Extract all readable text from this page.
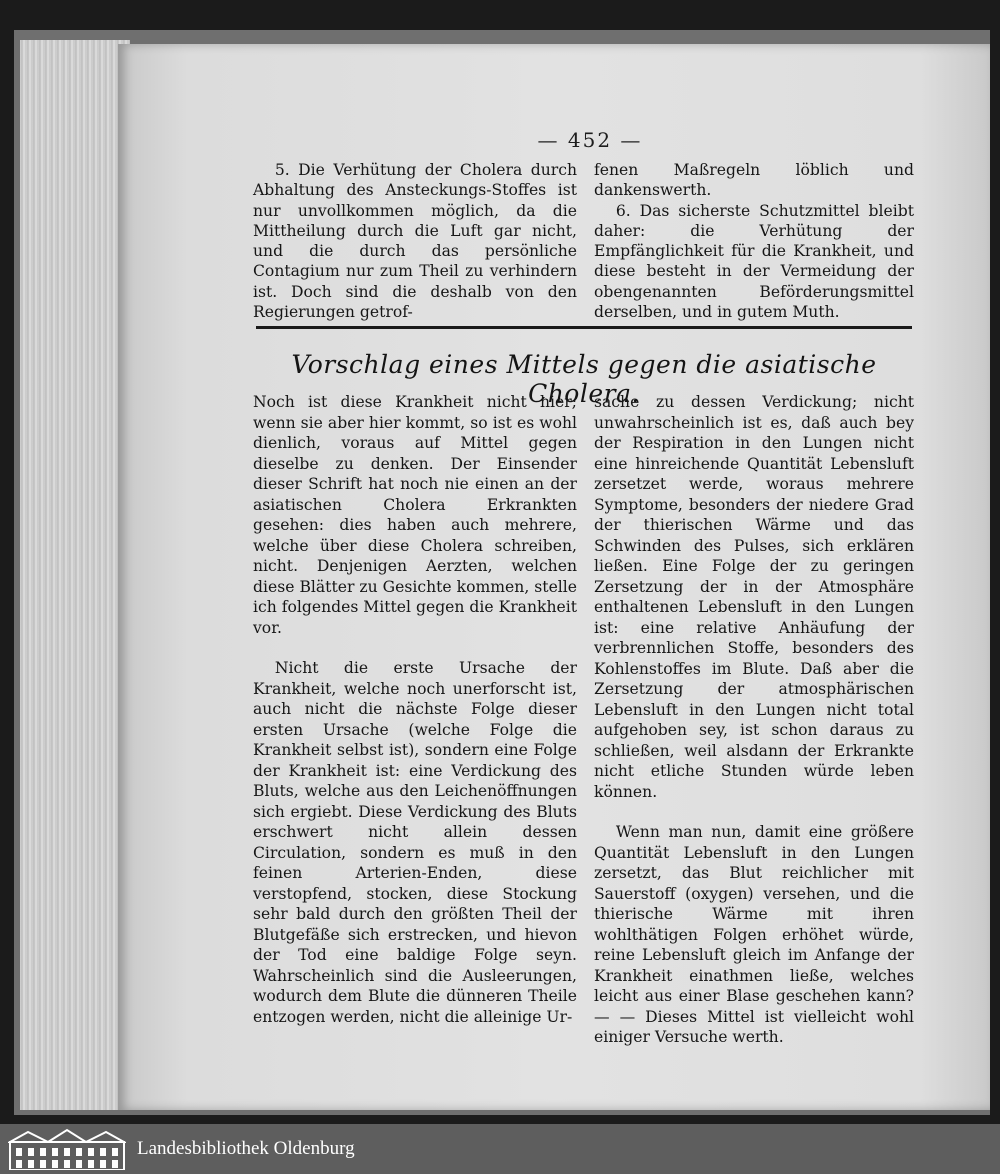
— 452 —

5. Die Verhütung der Cholera durch Abhaltung des Ansteckungs-Stoffes ist nur unvollkommen möglich, da die Mittheilung durch die Luft gar nicht, und die durch das persönliche Contagium nur zum Theil zu verhindern ist. Doch sind die deshalb von den Regierungen getrof-

fenen Maßregeln löblich und dankenswerth.

6. Das sicherste Schutzmittel bleibt daher: die Verhütung der Empfänglichkeit für die Krankheit, und diese besteht in der Vermeidung der obengenannten Beförderungsmittel derselben, und in gutem Muth.

Vorschlag eines Mittels gegen die asiatische Cholera.

Noch ist diese Krankheit nicht hier; wenn sie aber hier kommt, so ist es wohl dienlich, voraus auf Mittel gegen dieselbe zu denken. Der Einsender dieser Schrift hat noch nie einen an der asiatischen Cholera Erkrankten gesehen: dies haben auch mehrere, welche über diese Cholera schreiben, nicht. Denjenigen Aerzten, welchen diese Blätter zu Gesichte kommen, stelle ich folgendes Mittel gegen die Krankheit vor.

Nicht die erste Ursache der Krankheit, welche noch unerforscht ist, auch nicht die nächste Folge dieser ersten Ursache (welche Folge die Krankheit selbst ist), sondern eine Folge der Krankheit ist: eine Verdickung des Bluts, welche aus den Leichenöffnungen sich ergiebt. Diese Verdickung des Bluts erschwert nicht allein dessen Circulation, sondern es muß in den feinen Arterien-Enden, diese verstopfend, stocken, diese Stockung sehr bald durch den größten Theil der Blutgefäße sich erstrecken, und hievon der Tod eine baldige Folge seyn. Wahrscheinlich sind die Ausleerungen, wodurch dem Blute die dünneren Theile entzogen werden, nicht die alleinige Ur-

sache zu dessen Verdickung; nicht unwahrscheinlich ist es, daß auch bey der Respiration in den Lungen nicht eine hinreichende Quantität Lebensluft zersetzet werde, woraus mehrere Symptome, besonders der niedere Grad der thierischen Wärme und das Schwinden des Pulses, sich erklären ließen. Eine Folge der zu geringen Zersetzung der in der Atmosphäre enthaltenen Lebensluft in den Lungen ist: eine relative Anhäufung der verbrennlichen Stoffe, besonders des Kohlenstoffes im Blute. Daß aber die Zersetzung der atmosphärischen Lebensluft in den Lungen nicht total aufgehoben sey, ist schon daraus zu schließen, weil alsdann der Erkrankte nicht etliche Stunden würde leben können.

Wenn man nun, damit eine größere Quantität Lebensluft in den Lungen zersetzt, das Blut reichlicher mit Sauerstoff (oxygen) versehen, und die thierische Wärme mit ihren wohlthätigen Folgen erhöhet würde, reine Lebensluft gleich im Anfange der Krankheit einathmen ließe, welches leicht aus einer Blase geschehen kann? — — Dieses Mittel ist vielleicht wohl einiger Versuche werth.

Landesbibliothek Oldenburg
